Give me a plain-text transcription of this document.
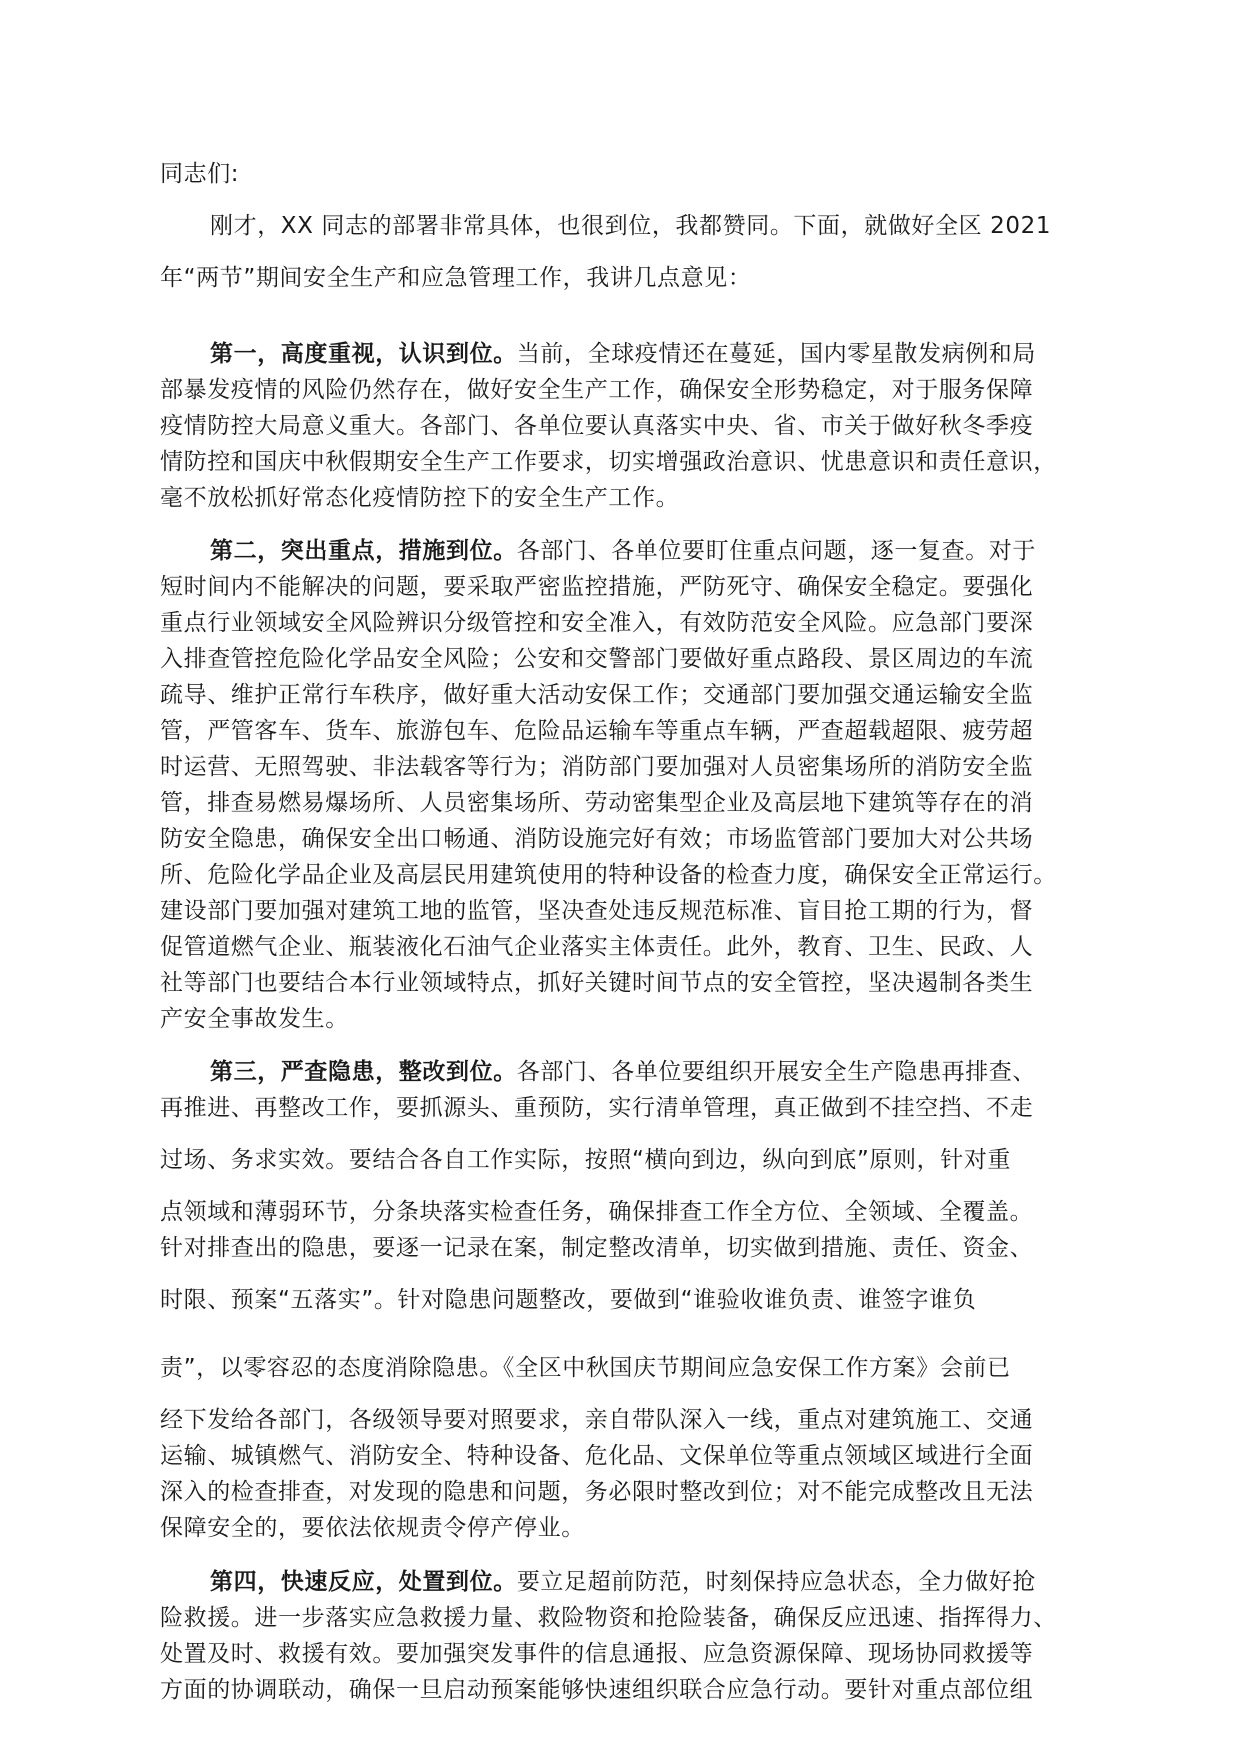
同志们:
刚才，XX 同志的部署非常具体，也很到位，我都赞同。下面，就做好全区 2021
年“两节”期间安全生产和应急管理工作，我讲几点意见：
第一，高度重视，认识到位。当前，全球疫情还在蔓延，国内零星散发病例和局
部暴发疫情的风险仍然存在，做好安全生产工作，确保安全形势稳定，对于服务保障
疫情防控大局意义重大。各部门、各单位要认真落实中央、省、市关于做好秋冬季疫
情防控和国庆中秋假期安全生产工作要求，切实增强政治意识、忧患意识和责任意识，
毫不放松抓好常态化疫情防控下的安全生产工作。
第二，突出重点，措施到位。各部门、各单位要盯住重点问题，逐一复查。对于
短时间内不能解决的问题，要采取严密监控措施，严防死守、确保安全稳定。要强化
重点行业领域安全风险辨识分级管控和安全准入，有效防范安全风险。应急部门要深
入排查管控危险化学品安全风险；公安和交警部门要做好重点路段、景区周边的车流
疏导、维护正常行车秩序，做好重大活动安保工作；交通部门要加强交通运输安全监
管，严管客车、货车、旅游包车、危险品运输车等重点车辆，严查超载超限、疲劳超
时运营、无照驾驶、非法载客等行为；消防部门要加强对人员密集场所的消防安全监
管，排查易燃易爆场所、人员密集场所、劳动密集型企业及高层地下建筑等存在的消
防安全隐患，确保安全出口畅通、消防设施完好有效；市场监管部门要加大对公共场
所、危险化学品企业及高层民用建筑使用的特种设备的检查力度，确保安全正常运行。
建设部门要加强对建筑工地的监管，坚决查处违反规范标准、盲目抢工期的行为，督
促管道燃气企业、瓶装液化石油气企业落实主体责任。此外，教育、卫生、民政、人
社等部门也要结合本行业领域特点，抓好关键时间节点的安全管控，坚决遏制各类生
产安全事故发生。
第三，严查隐患，整改到位。各部门、各单位要组织开展安全生产隐患再排查、
再推进、再整改工作，要抓源头、重预防，实行清单管理，真正做到不挂空挡、不走
过场、务求实效。要结合各自工作实际，按照“横向到边，纵向到底”原则，针对重
点领域和薄弱环节，分条块落实检查任务，确保排查工作全方位、全领域、全覆盖。
针对排查出的隐患，要逐一记录在案，制定整改清单，切实做到措施、责任、资金、
时限、预案“五落实”。针对隐患问题整改，要做到“谁验收谁负责、谁签字谁负
责”，以零容忍的态度消除隐患。《全区中秋国庆节期间应急安保工作方案》会前已
经下发给各部门，各级领导要对照要求，亲自带队深入一线，重点对建筑施工、交通
运输、城镇燃气、消防安全、特种设备、危化品、文保单位等重点领域区域进行全面
深入的检查排查，对发现的隐患和问题，务必限时整改到位；对不能完成整改且无法
保障安全的，要依法依规责令停产停业。
第四，快速反应，处置到位。要立足超前防范，时刻保持应急状态，全力做好抢
险救援。进一步落实应急救援力量、救险物资和抢险装备，确保反应迅速、指挥得力、
处置及时、救援有效。要加强突发事件的信息通报、应急资源保障、现场协同救援等
方面的协调联动，确保一旦启动预案能够快速组织联合应急行动。要针对重点部位组
